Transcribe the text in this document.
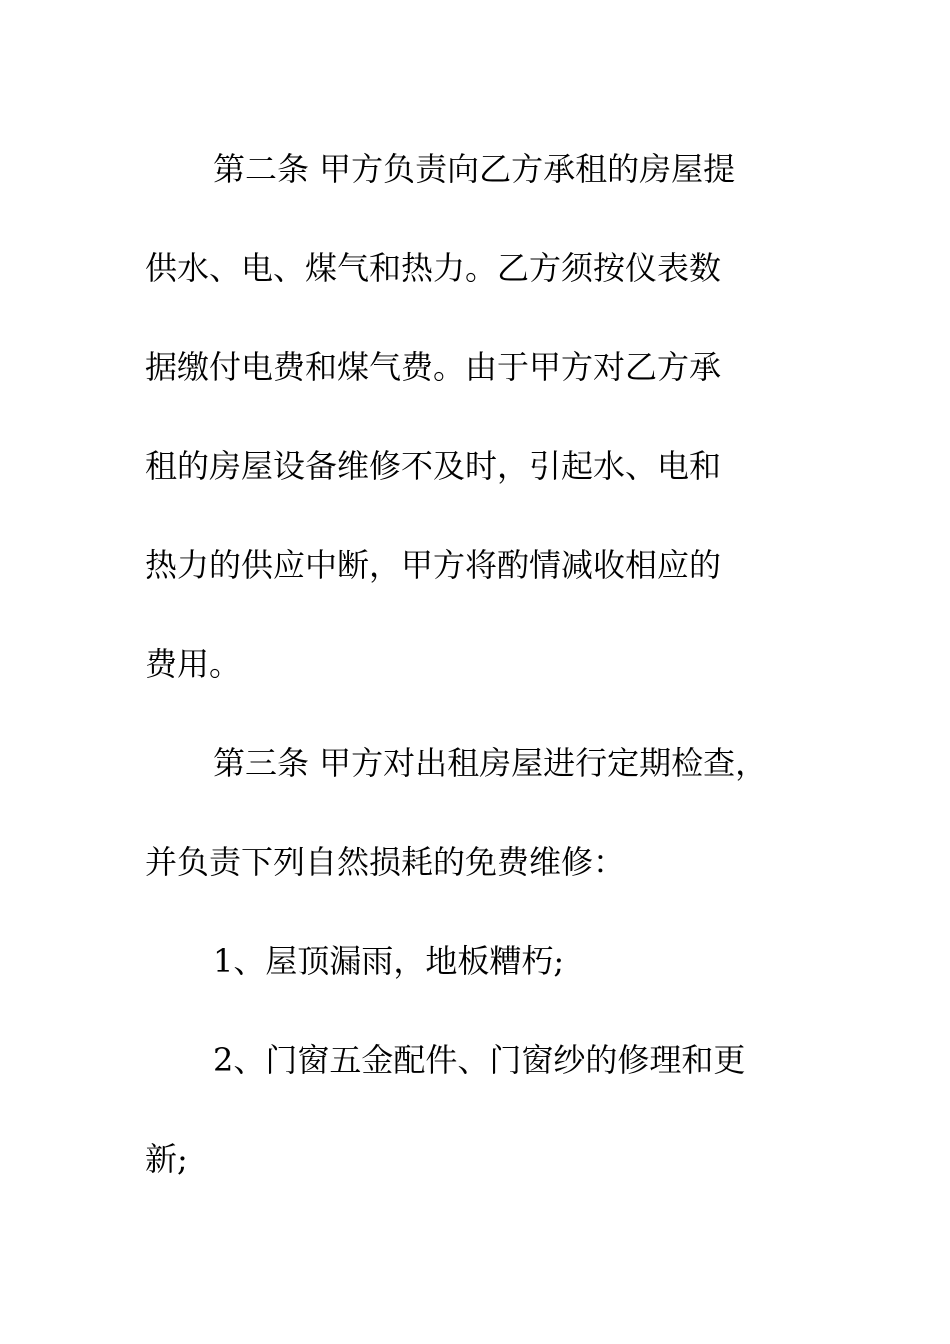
第二条 甲方负责向乙方承租的房屋提
供水、电、煤气和热力。乙方须按仪表数
据缴付电费和煤气费。由于甲方对乙方承
租的房屋设备维修不及时，引起水、电和
热力的供应中断，甲方将酌情减收相应的
费用。
第三条 甲方对出租房屋进行定期检查，
并负责下列自然损耗的免费维修：
1、屋顶漏雨，地板糟朽;
2、门窗五金配件、门窗纱的修理和更
新;
